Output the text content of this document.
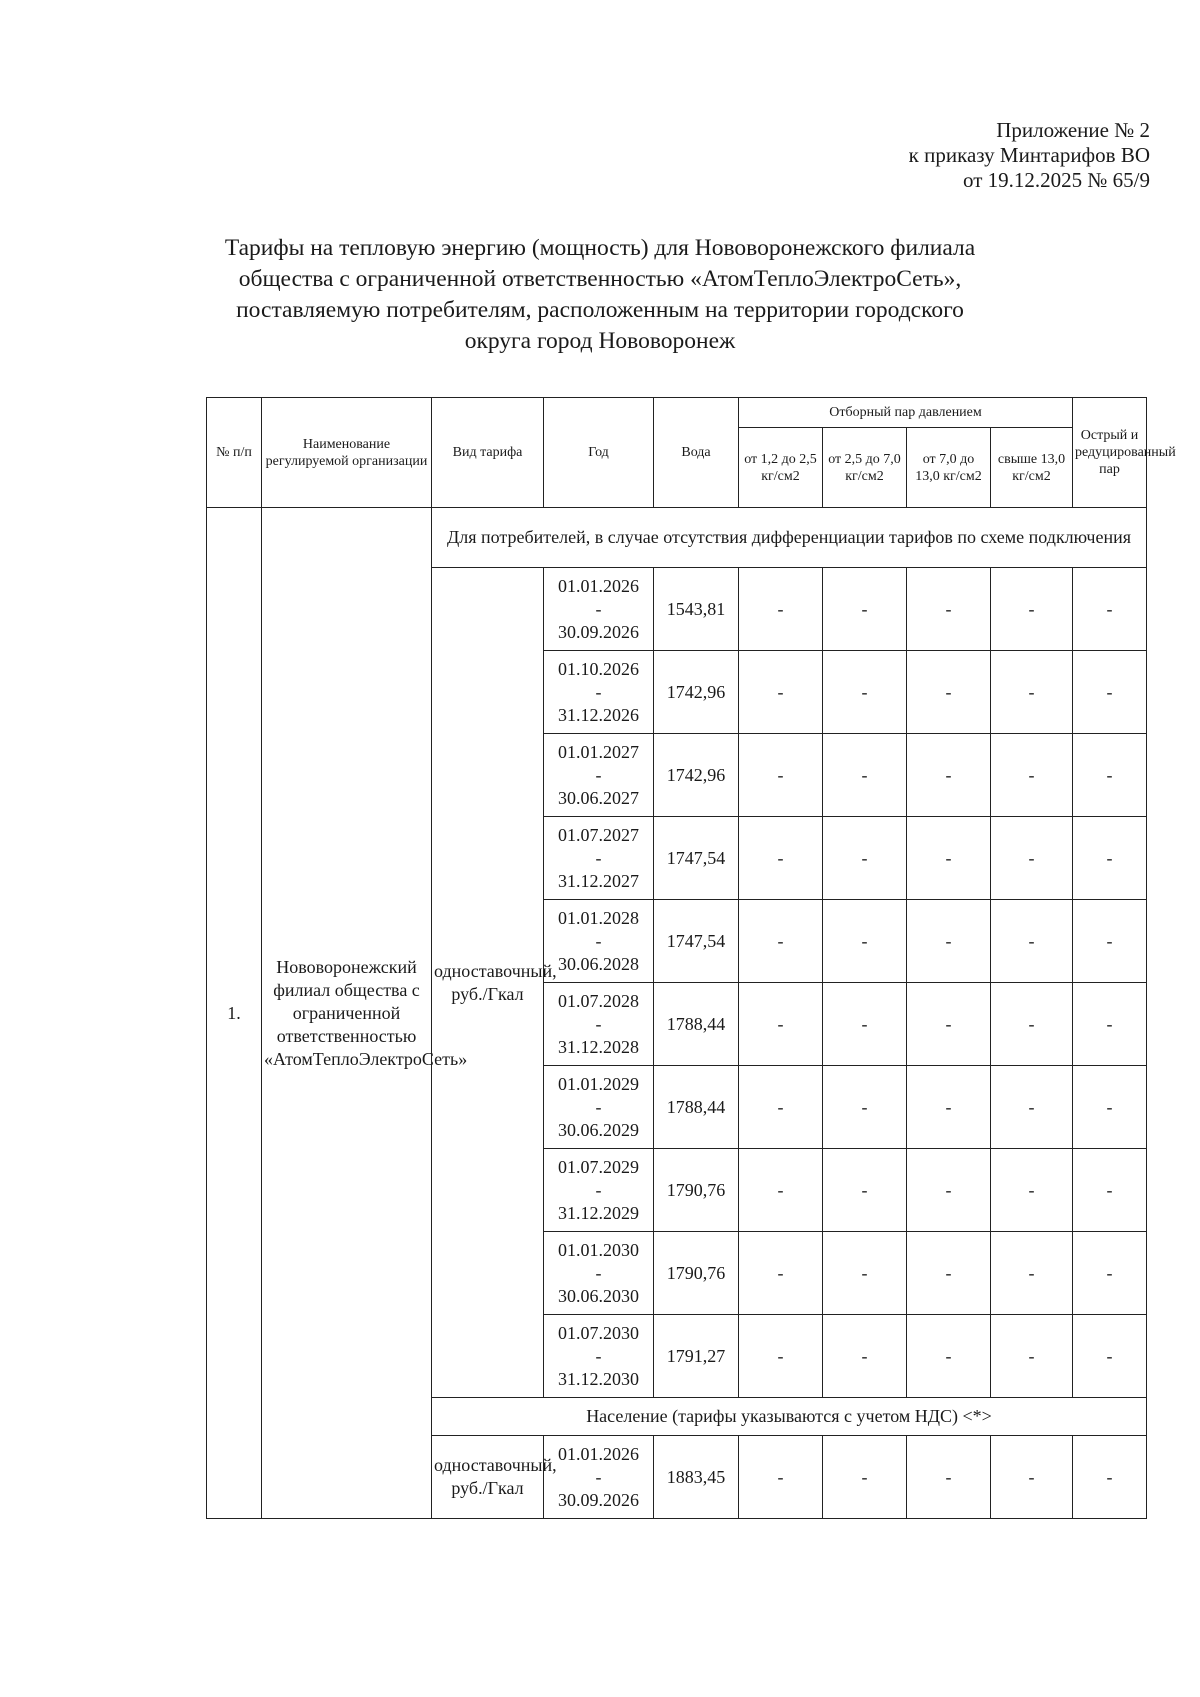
Приложение № 2
к приказу Минтарифов ВО
от 19.12.2025 № 65/9
Тарифы на тепловую энергию (мощность) для Нововоронежского филиала
общества с ограниченной ответственностью «АтомТеплоЭлектроСеть»,
поставляемую потребителям, расположенным на территории городского
округа город Нововоронеж
№ п/п	Наименование регулируемой организации	Вид тарифа	Год	Вода	Отборный пар давлением				Острый и редуцированный пар
					от 1,2 до 2,5 кг/см2	от 2,5 до 7,0 кг/см2	от 7,0 до 13,0 кг/см2	свыше 13,0 кг/см2	
1.	Нововоронежский филиал общества с ограниченной ответственностью «АтомТеплоЭлектроСеть»	Для потребителей, в случае отсутствия дифференциации тарифов по схеме подключения							
		одноставочный, руб./Гкал	01.01.2026
-
30.09.2026	1543,81	-	-	-	-	-

			01.10.2026
-
31.12.2026	1742,96	-	-	-	-	-

			01.01.2027
-
30.06.2027	1742,96	-	-	-	-	-

			01.07.2027
-
31.12.2027	1747,54	-	-	-	-	-

			01.01.2028
-
30.06.2028	1747,54	-	-	-	-	-

			01.07.2028
-
31.12.2028	1788,44	-	-	-	-	-

			01.01.2029
-
30.06.2029	1788,44	-	-	-	-	-

			01.07.2029
-
31.12.2029	1790,76	-	-	-	-	-

			01.01.2030
-
30.06.2030	1790,76	-	-	-	-	-

			01.07.2030
-
31.12.2030	1791,27	-	-	-	-	-
		Население (тарифы указываются с учетом НДС) <*>							
		одноставочный, руб./Гкал	01.01.2026
-
30.09.2026	1883,45	-	-	-	-	-
